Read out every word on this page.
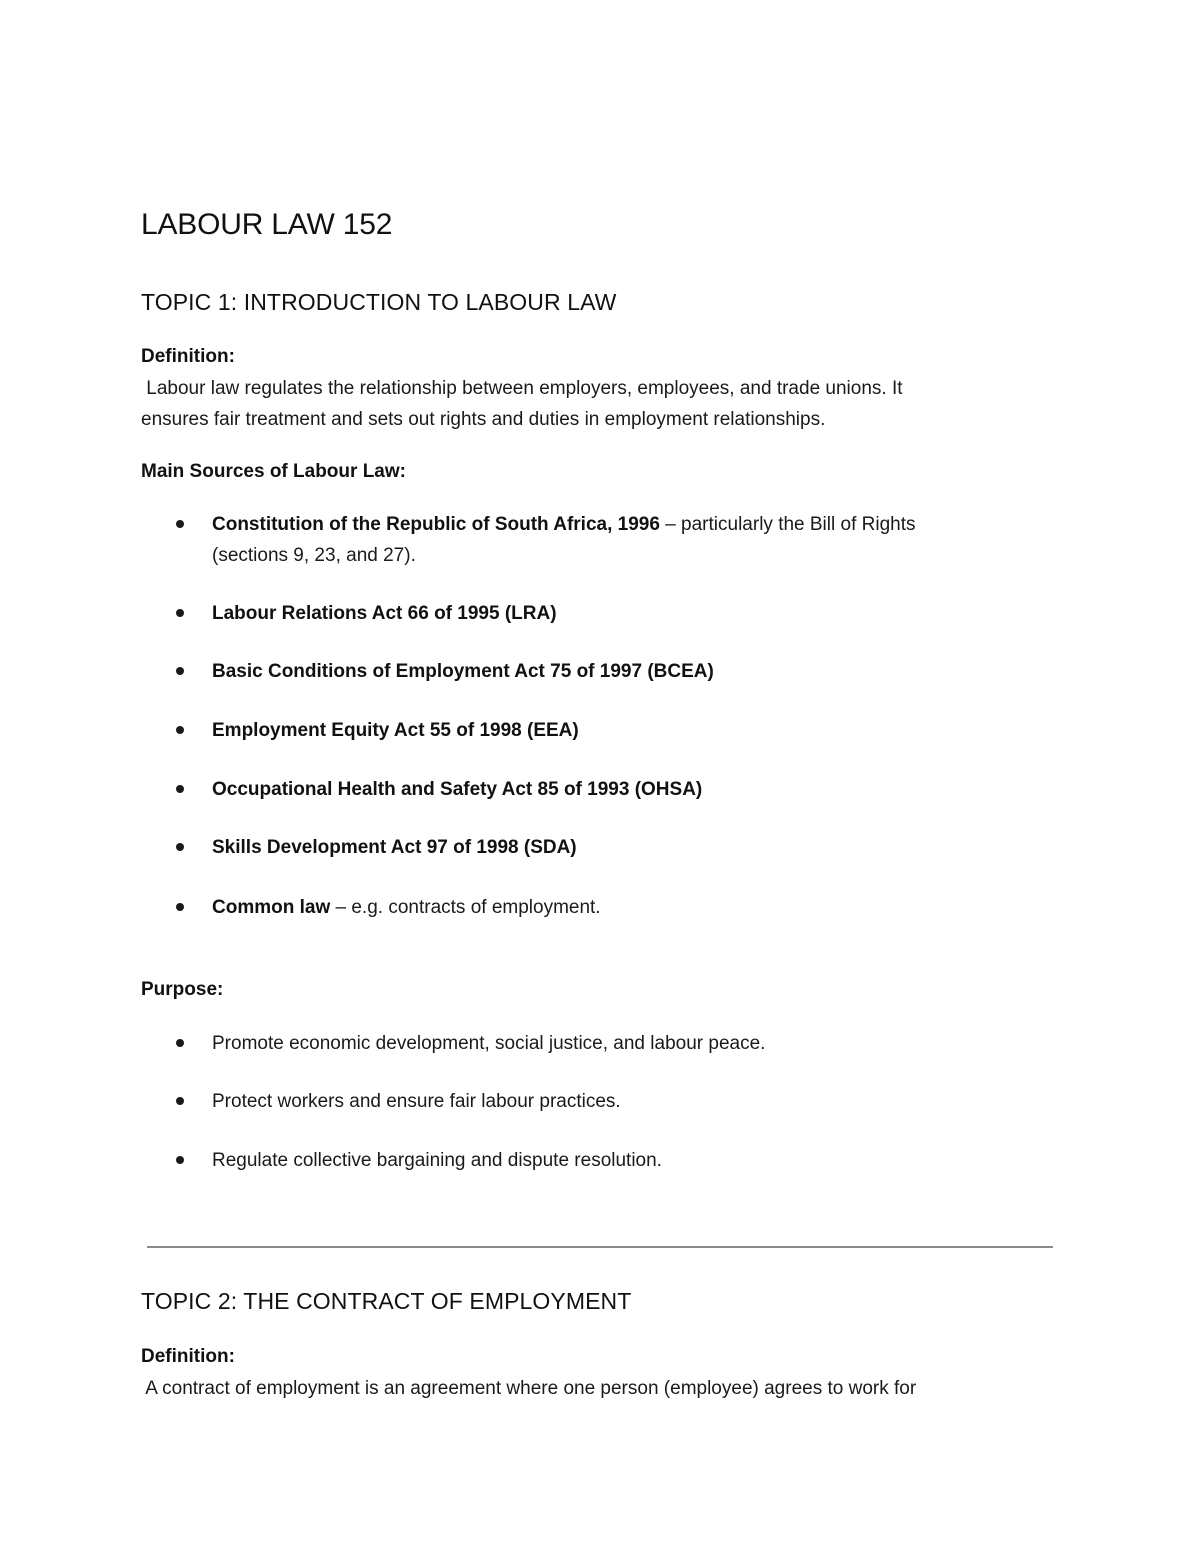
LABOUR LAW 152
TOPIC 1: INTRODUCTION TO LABOUR LAW
Definition:
Labour law regulates the relationship between employers, employees, and trade unions. It
ensures fair treatment and sets out rights and duties in employment relationships.
Main Sources of Labour Law:
Constitution of the Republic of South Africa, 1996 – particularly the Bill of Rights
(sections 9, 23, and 27).
Labour Relations Act 66 of 1995 (LRA)
Basic Conditions of Employment Act 75 of 1997 (BCEA)
Employment Equity Act 55 of 1998 (EEA)
Occupational Health and Safety Act 85 of 1993 (OHSA)
Skills Development Act 97 of 1998 (SDA)
Common law – e.g. contracts of employment.
Purpose:
Promote economic development, social justice, and labour peace.
Protect workers and ensure fair labour practices.
Regulate collective bargaining and dispute resolution.
TOPIC 2: THE CONTRACT OF EMPLOYMENT
Definition:
A contract of employment is an agreement where one person (employee) agrees to work for
